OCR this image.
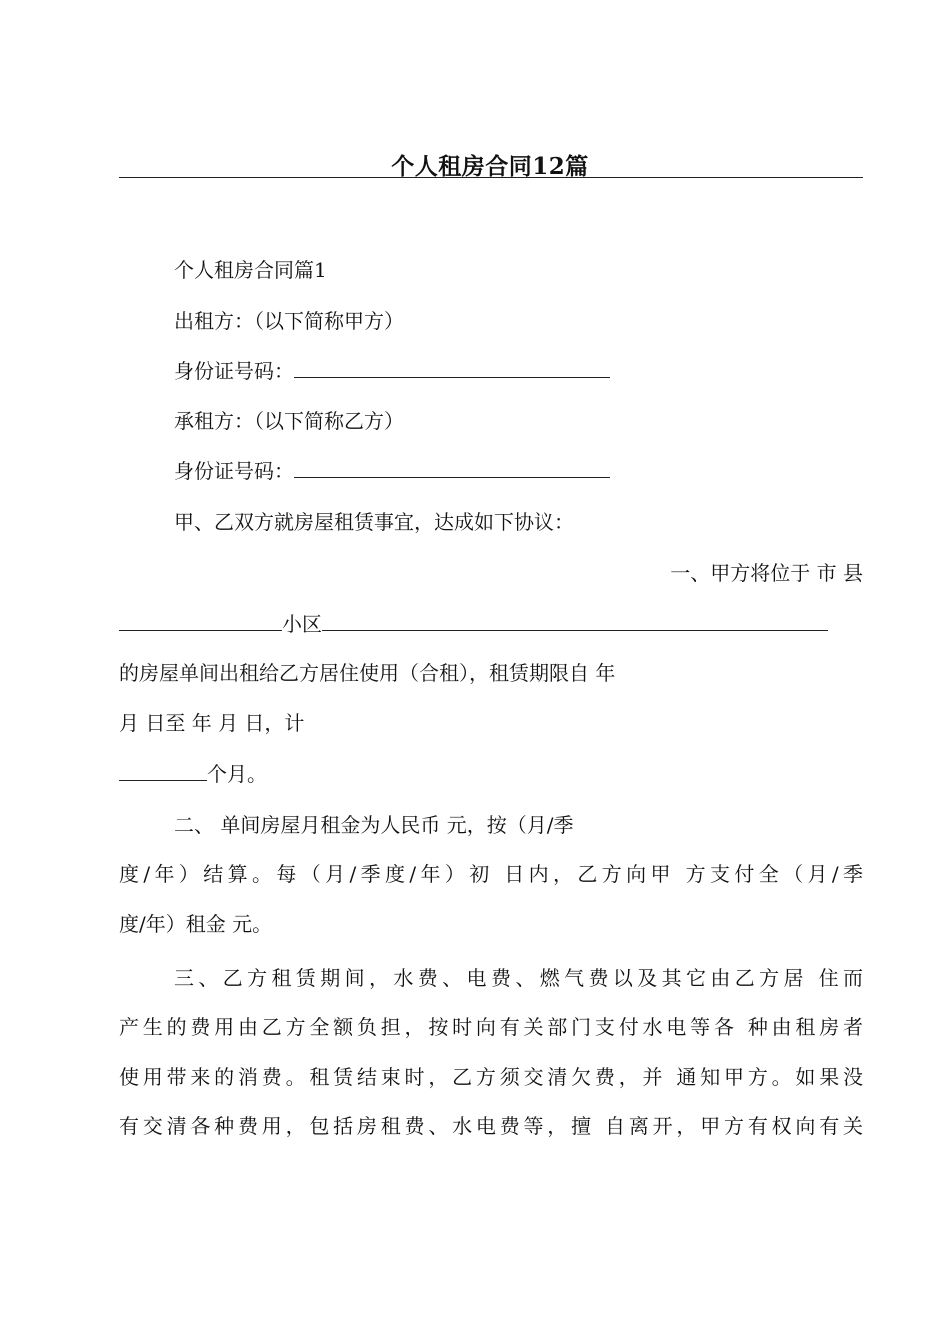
个人租房合同12篇
个人租房合同篇1
出租方：（以下简称甲方）
身份证号码：
承租方：（以下简称乙方）
身份证号码：
甲、乙双方就房屋租赁事宜，达成如下协议：
一、甲方将位于 市 县
小区
的房屋单间出租给乙方居住使用（合租），租赁期限自 年
月 日至 年 月 日，计
个月。
二、 单间房屋月租金为人民币 元，按（月/季
度/年）结算。每（月/季度/年）初 日内，乙方向甲 方支付全（月/季
度/年）租金 元。
三、乙方租赁期间，水费、电费、燃气费以及其它由乙方居 住而
产生的费用由乙方全额负担，按时向有关部门支付水电等各 种由租房者
使用带来的消费。租赁结束时，乙方须交清欠费，并 通知甲方。如果没
有交清各种费用，包括房租费、水电费等，擅 自离开，甲方有权向有关
